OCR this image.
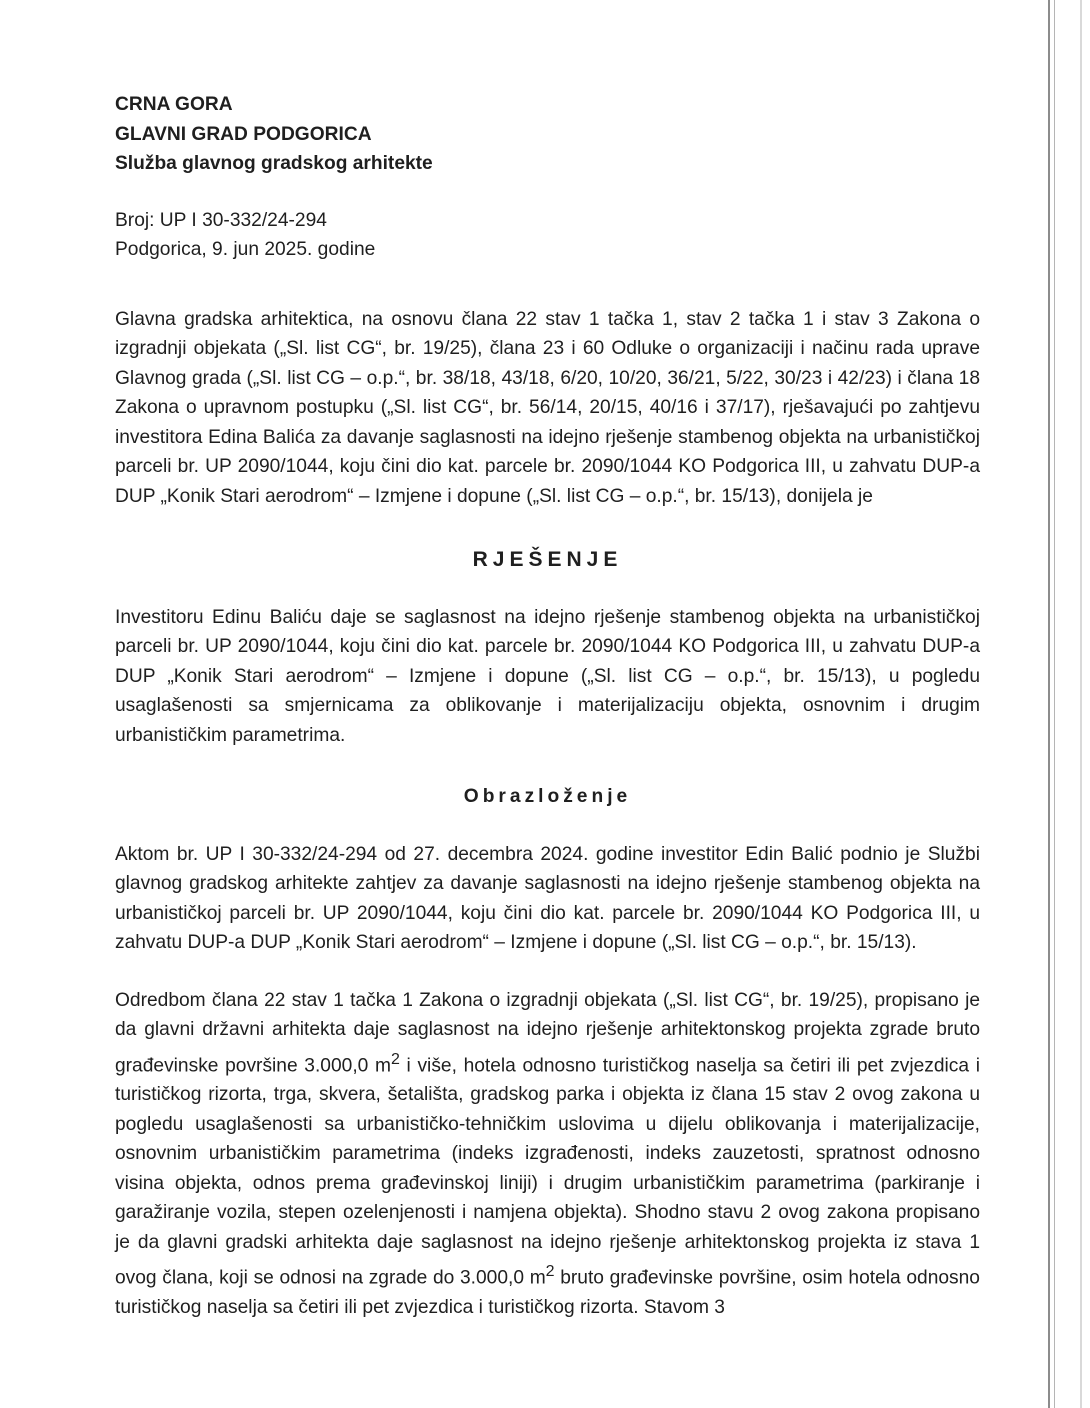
CRNA GORA

GLAVNI GRAD PODGORICA

Služba glavnog gradskog arhitekte

Broj: UP I 30-332/24-294

Podgorica, 9. jun 2025. godine

Glavna gradska arhitektica, na osnovu člana 22 stav 1 tačka 1, stav 2 tačka 1 i stav 3 Zakona o izgradnji objekata („Sl. list CG“, br. 19/25), člana 23 i 60 Odluke o organizaciji i načinu rada uprave Glavnog grada („Sl. list CG – o.p.“, br. 38/18, 43/18, 6/20, 10/20, 36/21, 5/22, 30/23 i 42/23) i člana 18 Zakona o upravnom postupku („Sl. list CG“, br. 56/14, 20/15, 40/16 i 37/17), rješavajući po zahtjevu investitora Edina Balića za davanje saglasnosti na idejno rješenje stambenog objekta na urbanističkoj parceli br. UP 2090/1044, koju čini dio kat. parcele br. 2090/1044 KO Podgorica III, u zahvatu DUP-a DUP „Konik Stari aerodrom“ – Izmjene i dopune („Sl. list CG – o.p.“, br. 15/13), donijela je

RJEŠENJE

Investitoru Edinu Baliću daje se saglasnost na idejno rješenje stambenog objekta na urbanističkoj parceli br. UP 2090/1044, koju čini dio kat. parcele br. 2090/1044 KO Podgorica III, u zahvatu DUP-a DUP „Konik Stari aerodrom“ – Izmjene i dopune („Sl. list CG – o.p.“, br. 15/13), u pogledu usaglašenosti sa smjernicama za oblikovanje i materijalizaciju objekta, osnovnim i drugim urbanističkim parametrima.

Obrazloženje

Aktom br. UP I 30-332/24-294 od 27. decembra 2024. godine investitor Edin Balić podnio je Službi glavnog gradskog arhitekte zahtjev za davanje saglasnosti na idejno rješenje stambenog objekta na urbanističkoj parceli br. UP 2090/1044, koju čini dio kat. parcele br. 2090/1044 KO Podgorica III, u zahvatu DUP-a DUP „Konik Stari aerodrom“ – Izmjene i dopune („Sl. list CG – o.p.“, br. 15/13).

Odredbom člana 22 stav 1 tačka 1 Zakona o izgradnji objekata („Sl. list CG“, br. 19/25), propisano je da glavni državni arhitekta daje saglasnost na idejno rješenje arhitektonskog projekta zgrade bruto građevinske površine 3.000,0 $m^2$ i više, hotela odnosno turističkog naselja sa četiri ili pet zvjezdica i turističkog rizorta, trga, skvera, šetališta, gradskog parka i objekta iz člana 15 stav 2 ovog zakona u pogledu usaglašenosti sa urbanističko-tehničkim uslovima u dijelu oblikovanja i materijalizacije, osnovnim urbanističkim parametrima (indeks izgrađenosti, indeks zauzetosti, spratnost odnosno visina objekta, odnos prema građevinskoj liniji) i drugim urbanističkim parametrima (parkiranje i garažiranje vozila, stepen ozelenjenosti i namjena objekta). Shodno stavu 2 ovog zakona propisano je da glavni gradski arhitekta daje saglasnost na idejno rješenje arhitektonskog projekta iz stava 1 ovog člana, koji se odnosi na zgrade do 3.000,0 $m^2$ bruto građevinske površine, osim hotela odnosno turističkog naselja sa četiri ili pet zvjezdica i turističkog rizorta. Stavom 3
